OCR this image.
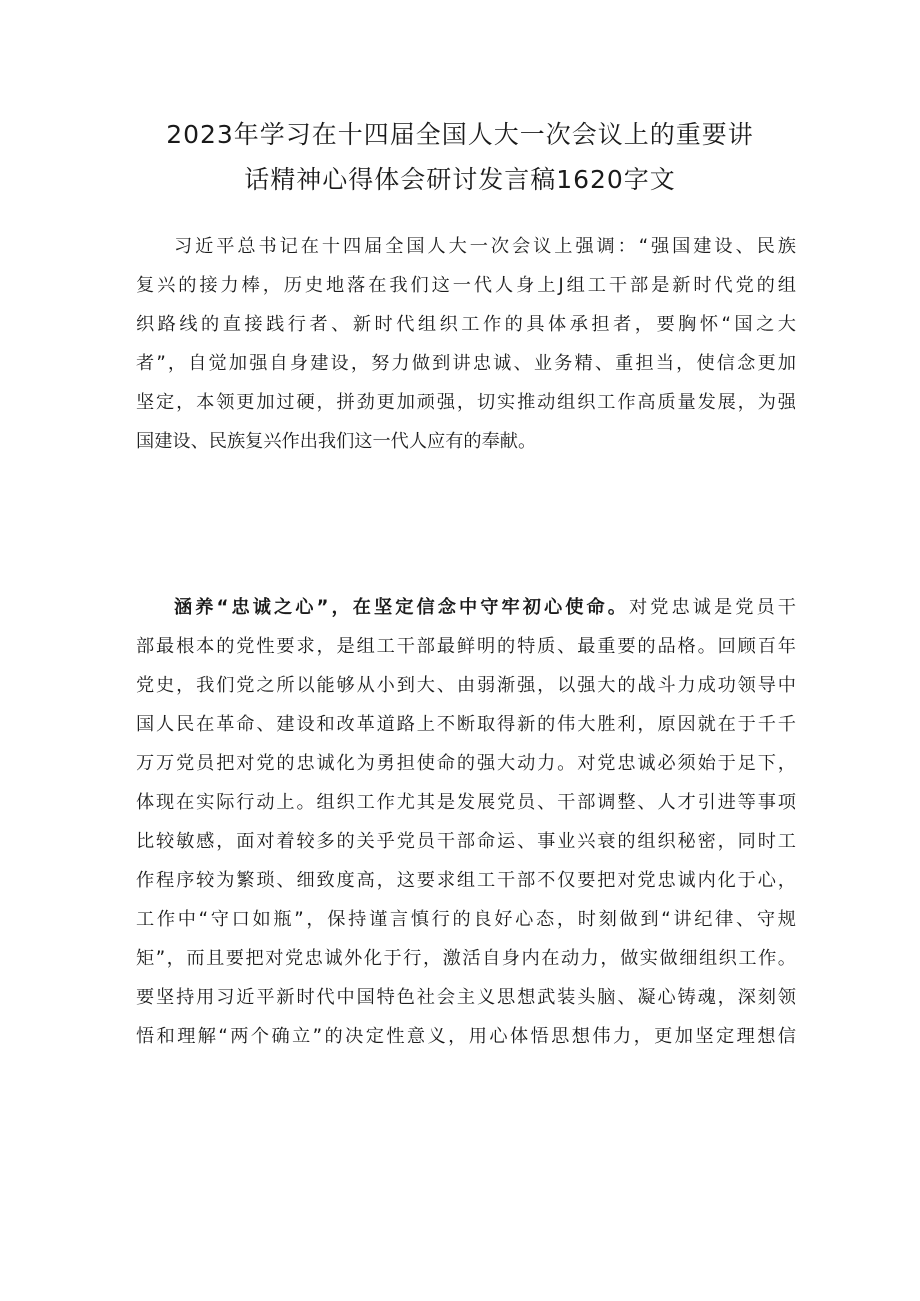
2023年学习在十四届全国人大一次会议上的重要讲
话精神心得体会研讨发言稿1620字文
习近平总书记在十四届全国人大一次会议上强调：“强国建设、民族
复兴的接力棒，历史地落在我们这一代人身上J组工干部是新时代党的组
织路线的直接践行者、新时代组织工作的具体承担者，要胸怀“国之大
者”，自觉加强自身建设，努力做到讲忠诚、业务精、重担当，使信念更加
坚定，本领更加过硬，拼劲更加顽强，切实推动组织工作高质量发展，为强
国建设、民族复兴作出我们这一代人应有的奉献。
涵养“忠诚之心”，在坚定信念中守牢初心使命。对党忠诚是党员干
部最根本的党性要求，是组工干部最鲜明的特质、最重要的品格。回顾百年
党史，我们党之所以能够从小到大、由弱渐强，以强大的战斗力成功领导中
国人民在革命、建设和改革道路上不断取得新的伟大胜利，原因就在于千千
万万党员把对党的忠诚化为勇担使命的强大动力。对党忠诚必须始于足下，
体现在实际行动上。组织工作尤其是发展党员、干部调整、人才引进等事项
比较敏感，面对着较多的关乎党员干部命运、事业兴衰的组织秘密，同时工
作程序较为繁琐、细致度高，这要求组工干部不仅要把对党忠诚内化于心，
工作中“守口如瓶”，保持谨言慎行的良好心态，时刻做到“讲纪律、守规
矩”，而且要把对党忠诚外化于行，激活自身内在动力，做实做细组织工作。
要坚持用习近平新时代中国特色社会主义思想武装头脑、凝心铸魂，深刻领
悟和理解“两个确立”的决定性意义，用心体悟思想伟力，更加坚定理想信
